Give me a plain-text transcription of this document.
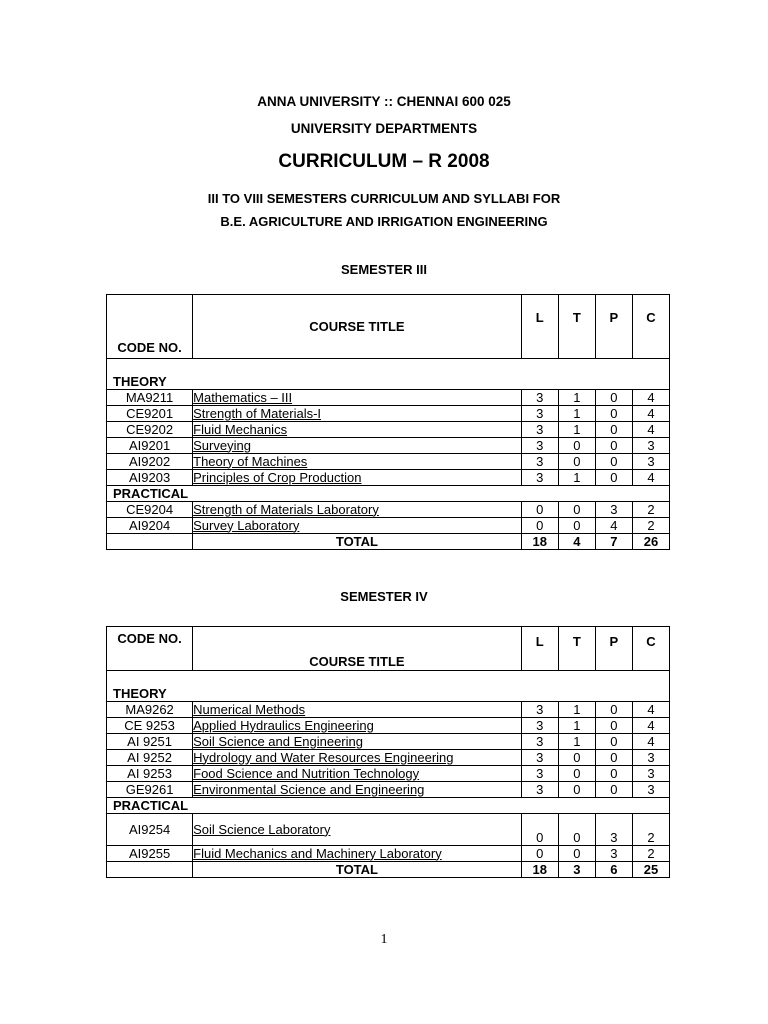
ANNA UNIVERSITY :: CHENNAI 600 025
UNIVERSITY DEPARTMENTS
CURRICULUM – R 2008
III TO VIII SEMESTERS CURRICULUM AND SYLLABI FOR
B.E. AGRICULTURE AND IRRIGATION ENGINEERING
SEMESTER III
CODE NO.	COURSE TITLE	L	T	P	C
THEORY					
MA9211	Mathematics – III	3	1	0	4
CE9201	Strength of Materials-I	3	1	0	4
CE9202	Fluid Mechanics	3	1	0	4
AI9201	Surveying	3	0	0	3
AI9202	Theory of Machines	3	0	0	3
AI9203	Principles of Crop Production	3	1	0	4
PRACTICAL					
CE9204	Strength of Materials Laboratory	0	0	3	2
AI9204	Survey Laboratory	0	0	4	2
	TOTAL	18	4	7	26
SEMESTER IV
CODE NO.	COURSE TITLE	L	T	P	C
THEORY					
MA9262	Numerical Methods	3	1	0	4
CE 9253	Applied Hydraulics Engineering	3	1	0	4
AI 9251	Soil Science and Engineering	3	1	0	4
AI 9252	Hydrology and Water Resources Engineering	3	0	0	3
AI 9253	Food Science and Nutrition Technology	3	0	0	3
GE9261	Environmental Science and Engineering	3	0	0	3
PRACTICAL					
AI9254	Soil Science Laboratory	0	0	3	2
AI9255	Fluid Mechanics and Machinery Laboratory	0	0	3	2
	TOTAL	18	3	6	25
1
